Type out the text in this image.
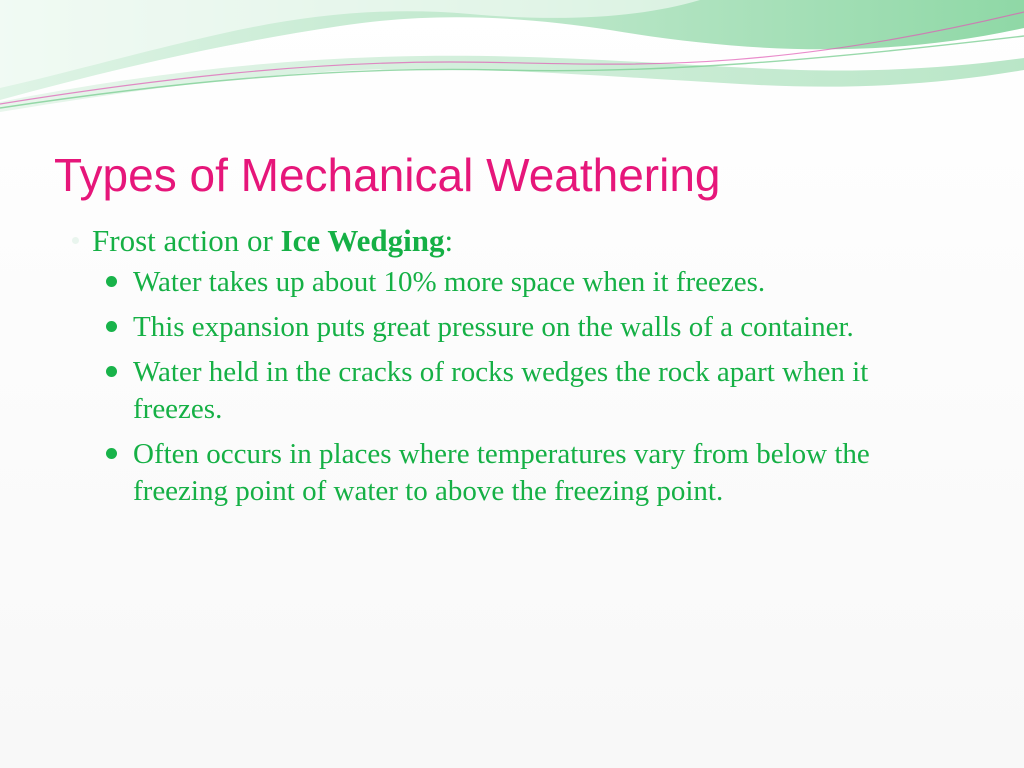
Types of Mechanical Weathering

Frost action or Ice Wedging:

Water takes up about 10% more space when it freezes.
This expansion puts great pressure on the walls of a container.
Water held in the cracks of rocks wedges the rock apart when it freezes.
Often occurs in places where temperatures vary from below the freezing point of water to above the freezing point.
